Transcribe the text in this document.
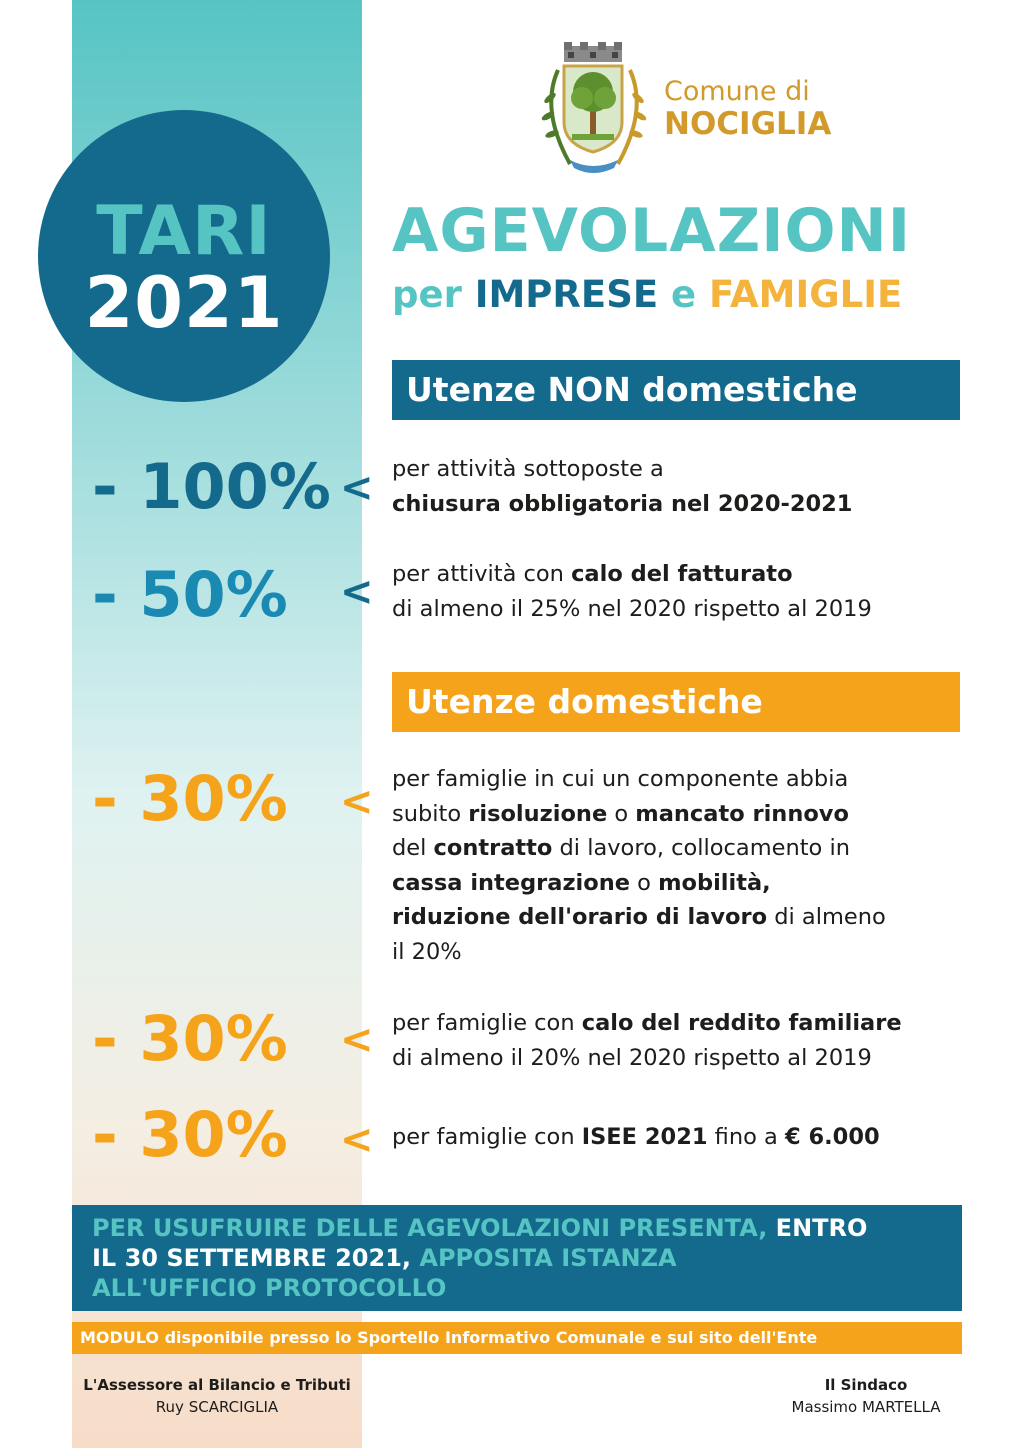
TARI
2021
Comune di
NOCIGLIA
AGEVOLAZIONI
per IMPRESE e FAMIGLIE
Utenze NON domestiche
- 100% < per attività sottoposte a
chiusura obbligatoria nel 2020-2021
- 50% < per attività con calo del fatturato
di almeno il 25% nel 2020 rispetto al 2019
Utenze domestiche
- 30% < per famiglie in cui un componente abbia
subito risoluzione o mancato rinnovo
del contratto di lavoro, collocamento in
cassa integrazione o mobilità,
riduzione dell'orario di lavoro di almeno
il 20%
- 30% < per famiglie con calo del reddito familiare
di almeno il 20% nel 2020 rispetto al 2019
- 30% < per famiglie con ISEE 2021 fino a € 6.000
PER USUFRUIRE DELLE AGEVOLAZIONI PRESENTA, ENTRO
IL 30 SETTEMBRE 2021, APPOSITA ISTANZA
ALL'UFFICIO PROTOCOLLO
MODULO disponibile presso lo Sportello Informativo Comunale e sul sito dell'Ente
L'Assessore al Bilancio e Tributi
Ruy SCARCIGLIA
Il Sindaco
Massimo MARTELLA
